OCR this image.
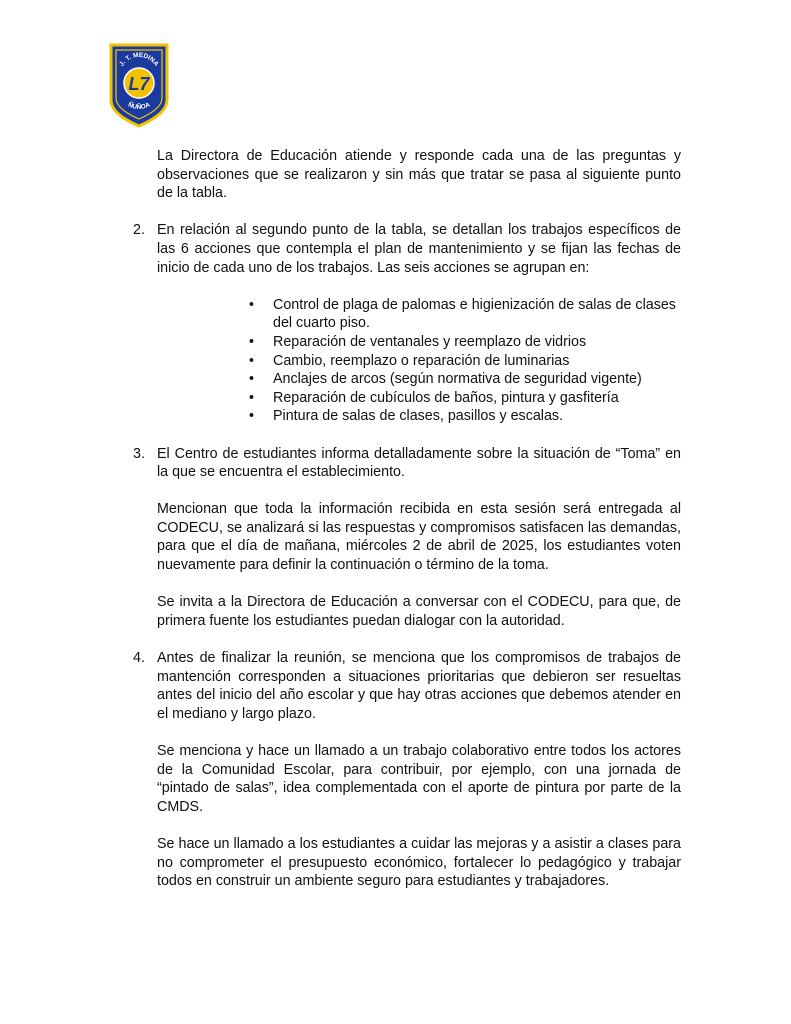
J. T. MEDINA
L7
ÑUÑOA

La Directora de Educación atiende y responde cada una de las preguntas y observaciones que se realizaron y sin más que tratar se pasa al siguiente punto de la tabla.

2. En relación al segundo punto de la tabla, se detallan los trabajos específicos de las 6 acciones que contempla el plan de mantenimiento y se fijan las fechas de inicio de cada uno de los trabajos. Las seis acciones se agrupan en:

• Control de plaga de palomas e higienización de salas de clases del cuarto piso.
• Reparación de ventanales y reemplazo de vidrios
• Cambio, reemplazo o reparación de luminarias
• Anclajes de arcos (según normativa de seguridad vigente)
• Reparación de cubículos de baños, pintura y gasfitería
• Pintura de salas de clases, pasillos y escalas.
3. El Centro de estudiantes informa detalladamente sobre la situación de “Toma” en la que se encuentra el establecimiento.

Mencionan que toda la información recibida en esta sesión será entregada al CODECU, se analizará si las respuestas y compromisos satisfacen las demandas, para que el día de mañana, miércoles 2 de abril de 2025, los estudiantes voten nuevamente para definir la continuación o término de la toma.

Se invita a la Directora de Educación a conversar con el CODECU, para que, de primera fuente los estudiantes puedan dialogar con la autoridad.

4. Antes de finalizar la reunión, se menciona que los compromisos de trabajos de mantención corresponden a situaciones prioritarias que debieron ser resueltas antes del inicio del año escolar y que hay otras acciones que debemos atender en el mediano y largo plazo.

Se menciona y hace un llamado a un trabajo colaborativo entre todos los actores de la Comunidad Escolar, para contribuir, por ejemplo, con una jornada de “pintado de salas”, idea complementada con el aporte de pintura por parte de la CMDS.

Se hace un llamado a los estudiantes a cuidar las mejoras y a asistir a clases para no comprometer el presupuesto económico, fortalecer lo pedagógico y trabajar todos en construir un ambiente seguro para estudiantes y trabajadores.
